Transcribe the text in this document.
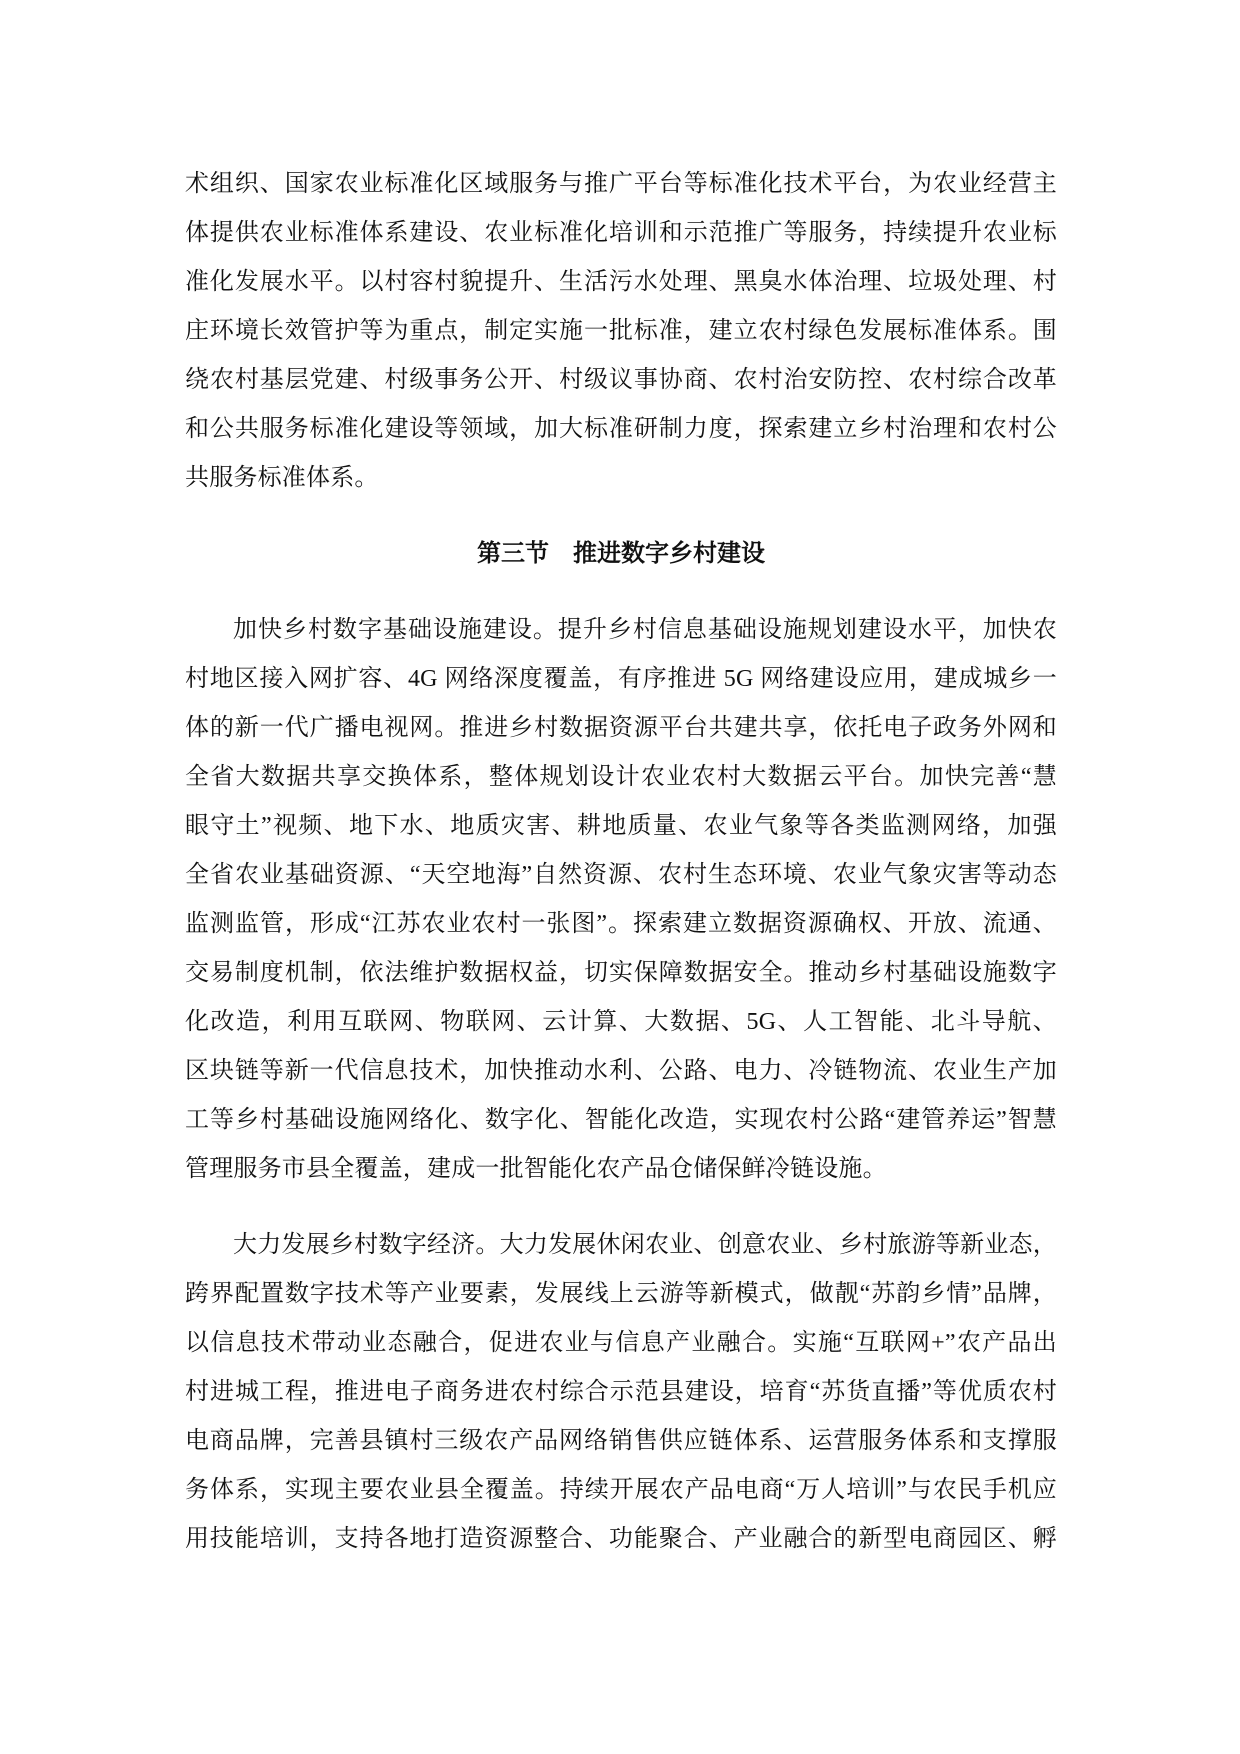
术组织、国家农业标准化区域服务与推广平台等标准化技术平台，为农业经营主
体提供农业标准体系建设、农业标准化培训和示范推广等服务，持续提升农业标
准化发展水平。以村容村貌提升、生活污水处理、黑臭水体治理、垃圾处理、村
庄环境长效管护等为重点，制定实施一批标准，建立农村绿色发展标准体系。围
绕农村基层党建、村级事务公开、村级议事协商、农村治安防控、农村综合改革
和公共服务标准化建设等领域，加大标准研制力度，探索建立乡村治理和农村公
共服务标准体系。
第三节　推进数字乡村建设
加快乡村数字基础设施建设。提升乡村信息基础设施规划建设水平，加快农
村地区接入网扩容、4G 网络深度覆盖，有序推进 5G 网络建设应用，建成城乡一
体的新一代广播电视网。推进乡村数据资源平台共建共享，依托电子政务外网和
全省大数据共享交换体系，整体规划设计农业农村大数据云平台。加快完善“慧
眼守土”视频、地下水、地质灾害、耕地质量、农业气象等各类监测网络，加强
全省农业基础资源、“天空地海”自然资源、农村生态环境、农业气象灾害等动态
监测监管，形成“江苏农业农村一张图”。探索建立数据资源确权、开放、流通、
交易制度机制，依法维护数据权益，切实保障数据安全。推动乡村基础设施数字
化改造，利用互联网、物联网、云计算、大数据、5G、人工智能、北斗导航、
区块链等新一代信息技术，加快推动水利、公路、电力、冷链物流、农业生产加
工等乡村基础设施网络化、数字化、智能化改造，实现农村公路“建管养运”智慧
管理服务市县全覆盖，建成一批智能化农产品仓储保鲜冷链设施。
大力发展乡村数字经济。大力发展休闲农业、创意农业、乡村旅游等新业态，
跨界配置数字技术等产业要素，发展线上云游等新模式，做靓“苏韵乡情”品牌，
以信息技术带动业态融合，促进农业与信息产业融合。实施“互联网+”农产品出
村进城工程，推进电子商务进农村综合示范县建设，培育“苏货直播”等优质农村
电商品牌，完善县镇村三级农产品网络销售供应链体系、运营服务体系和支撑服
务体系，实现主要农业县全覆盖。持续开展农产品电商“万人培训”与农民手机应
用技能培训，支持各地打造资源整合、功能聚合、产业融合的新型电商园区、孵
